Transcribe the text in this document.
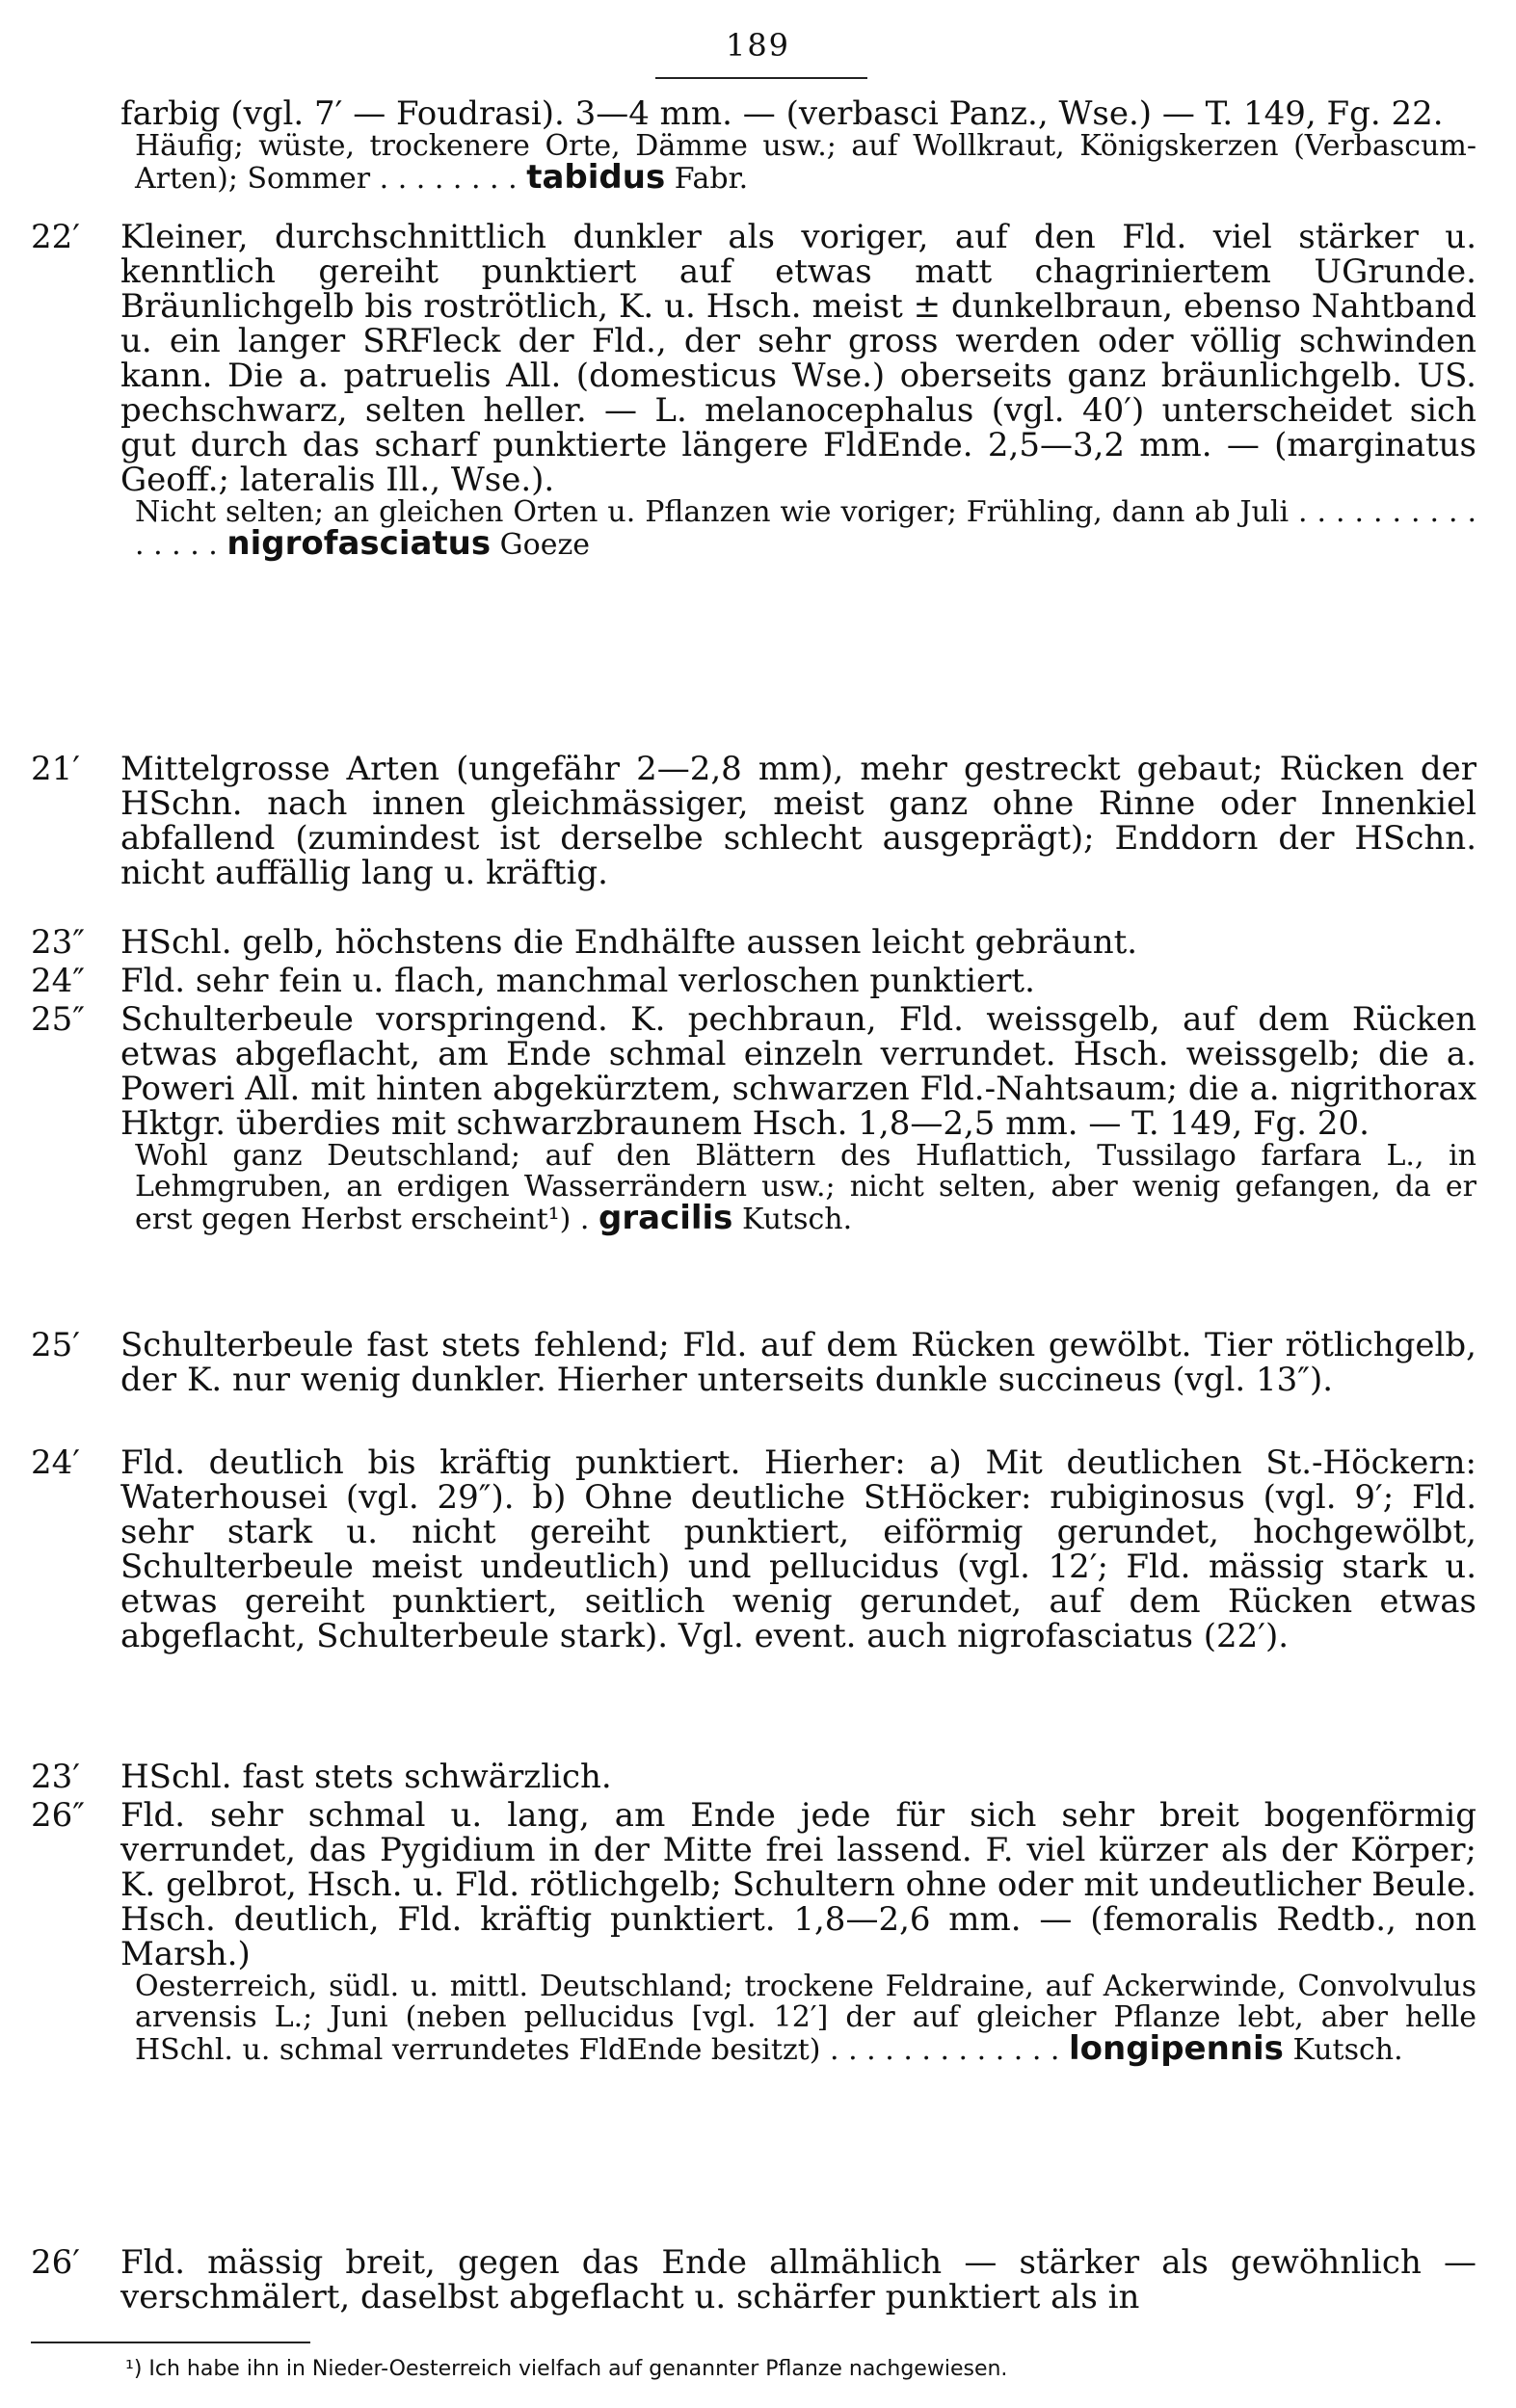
189
farbig (vgl. 7′ — Foudrasi). 3—4 mm. — (verbasci Panz., Wse.) — T. 149, Fg. 22.
Häufig; wüste, trockenere Orte, Dämme usw.; auf Wollkraut, Königskerzen (Verbascum-Arten); Sommer . . . . . . . . tabidus Fabr.
22′ Kleiner, durchschnittlich dunkler als voriger, auf den Fld. viel stärker u. kenntlich gereiht punktiert auf etwas matt chagriniertem UGrunde. Bräunlichgelb bis roströtlich, K. u. Hsch. meist ± dunkelbraun, ebenso Nahtband u. ein langer SRFleck der Fld., der sehr gross werden oder völlig schwinden kann. Die a. patruelis All. (domesticus Wse.) oberseits ganz bräunlichgelb. US. pechschwarz, selten heller. — L. melanocephalus (vgl. 40′) unterscheidet sich gut durch das scharf punktierte längere FldEnde. 2,5—3,2 mm. — (marginatus Geoff.; lateralis Ill., Wse.).
Nicht selten; an gleichen Orten u. Pflanzen wie voriger; Frühling, dann ab Juli . . . . . . . . . . . . . . . nigrofasciatus Goeze
21′ Mittelgrosse Arten (ungefähr 2—2,8 mm), mehr gestreckt gebaut; Rücken der HSchn. nach innen gleichmässiger, meist ganz ohne Rinne oder Innenkiel abfallend (zumindest ist derselbe schlecht ausgeprägt); Enddorn der HSchn. nicht auffällig lang u. kräftig.
23″ HSchl. gelb, höchstens die Endhälfte aussen leicht gebräunt.
24″ Fld. sehr fein u. flach, manchmal verloschen punktiert.
25″ Schulterbeule vorspringend. K. pechbraun, Fld. weissgelb, auf dem Rücken etwas abgeflacht, am Ende schmal einzeln verrundet. Hsch. weissgelb; die a. Poweri All. mit hinten abgekürztem, schwarzen Fld.-Nahtsaum; die a. nigrithorax Hktgr. überdies mit schwarzbraunem Hsch. 1,8—2,5 mm. — T. 149, Fg. 20.
Wohl ganz Deutschland; auf den Blättern des Huflattich, Tussilago farfara L., in Lehmgruben, an erdigen Wasserrändern usw.; nicht selten, aber wenig gefangen, da er erst gegen Herbst erscheint¹) . gracilis Kutsch.
25′ Schulterbeule fast stets fehlend; Fld. auf dem Rücken gewölbt. Tier rötlichgelb, der K. nur wenig dunkler. Hierher unterseits dunkle succineus (vgl. 13″).
24′ Fld. deutlich bis kräftig punktiert. Hierher: a) Mit deutlichen St.-Höckern: Waterhousei (vgl. 29″). b) Ohne deutliche StHöcker: rubiginosus (vgl. 9′; Fld. sehr stark u. nicht gereiht punktiert, eiförmig gerundet, hochgewölbt, Schulterbeule meist undeutlich) und pellucidus (vgl. 12′; Fld. mässig stark u. etwas gereiht punktiert, seitlich wenig gerundet, auf dem Rücken etwas abgeflacht, Schulterbeule stark). Vgl. event. auch nigrofasciatus (22′).
23′ HSchl. fast stets schwärzlich.
26″ Fld. sehr schmal u. lang, am Ende jede für sich sehr breit bogenförmig verrundet, das Pygidium in der Mitte frei lassend. F. viel kürzer als der Körper; K. gelbrot, Hsch. u. Fld. rötlichgelb; Schultern ohne oder mit undeutlicher Beule. Hsch. deutlich, Fld. kräftig punktiert. 1,8—2,6 mm. — (femoralis Redtb., non Marsh.)
Oesterreich, südl. u. mittl. Deutschland; trockene Feldraine, auf Ackerwinde, Convolvulus arvensis L.; Juni (neben pellucidus [vgl. 12′] der auf gleicher Pflanze lebt, aber helle HSchl. u. schmal verrundetes FldEnde besitzt) . . . . . . . . . . . . . longipennis Kutsch.
26′ Fld. mässig breit, gegen das Ende allmählich — stärker als gewöhnlich — verschmälert, daselbst abgeflacht u. schärfer punktiert als in
¹) Ich habe ihn in Nieder-Oesterreich vielfach auf genannter Pflanze nachgewiesen.
